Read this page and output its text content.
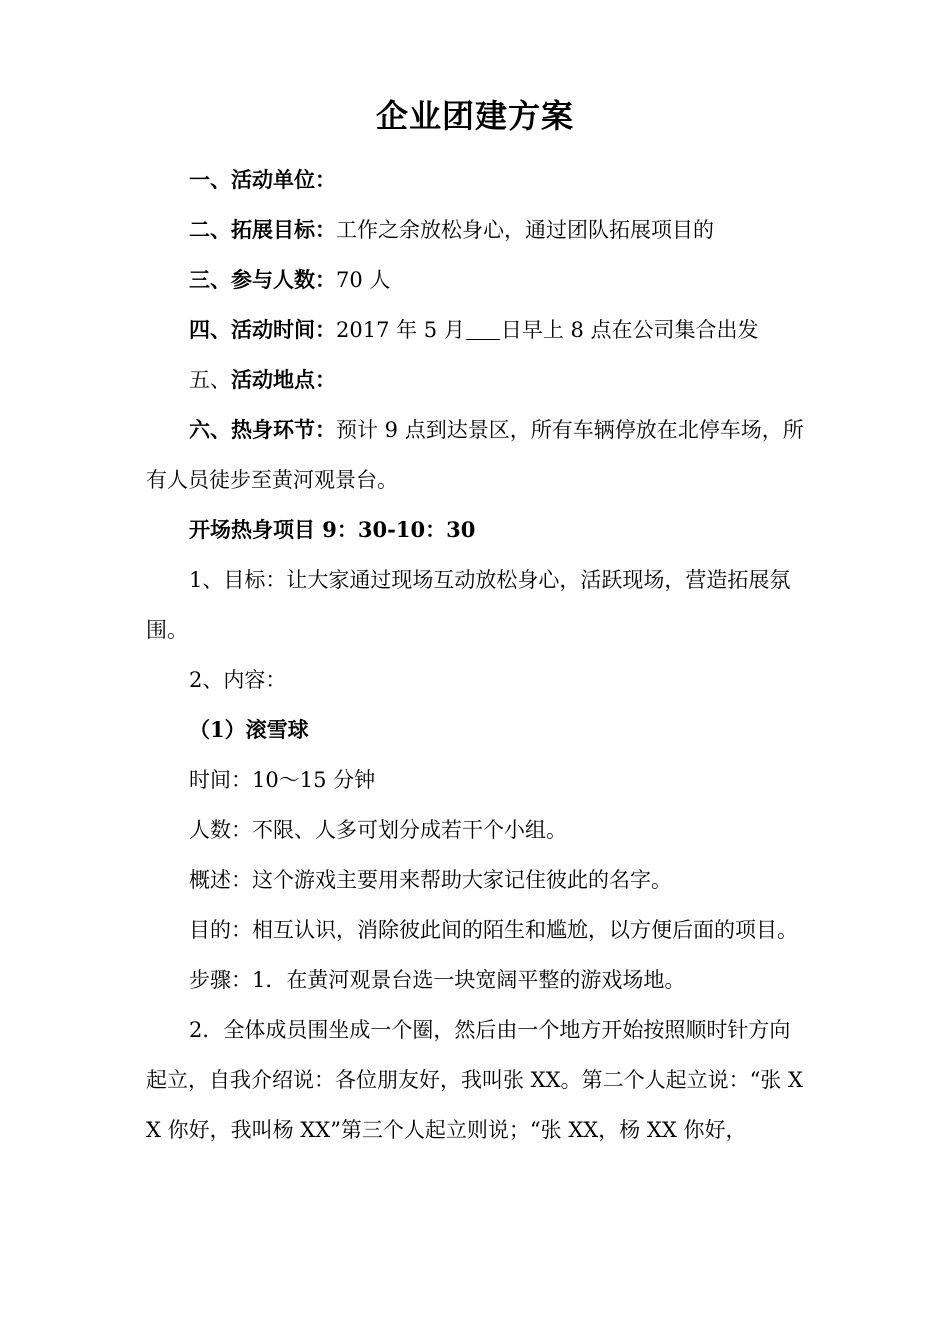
企业团建方案

一、活动单位：

二、拓展目标：工作之余放松身心，通过团队拓展项目的

三、参与人数：70 人

四、活动时间：2017 年 5 月 日早上 8 点在公司集合出发

五、活动地点：

六、热身环节：预计 9 点到达景区，所有车辆停放在北停车场，所有人员徒步至黄河观景台。

开场热身项目 9：30-10：30

1、目标：让大家通过现场互动放松身心，活跃现场，营造拓展氛围。

2、内容：

（1）滚雪球

时间：10～15 分钟

人数：不限、人多可划分成若干个小组。

概述：这个游戏主要用来帮助大家记住彼此的名字。

目的：相互认识，消除彼此间的陌生和尴尬，以方便后面的项目。

步骤：1．在黄河观景台选一块宽阔平整的游戏场地。

2．全体成员围坐成一个圈，然后由一个地方开始按照顺时针方向起立，自我介绍说：各位朋友好，我叫张 XX。第二个人起立说：“张 XX 你好，我叫杨 XX”第三个人起立则说；“张 XX，杨 XX 你好，
